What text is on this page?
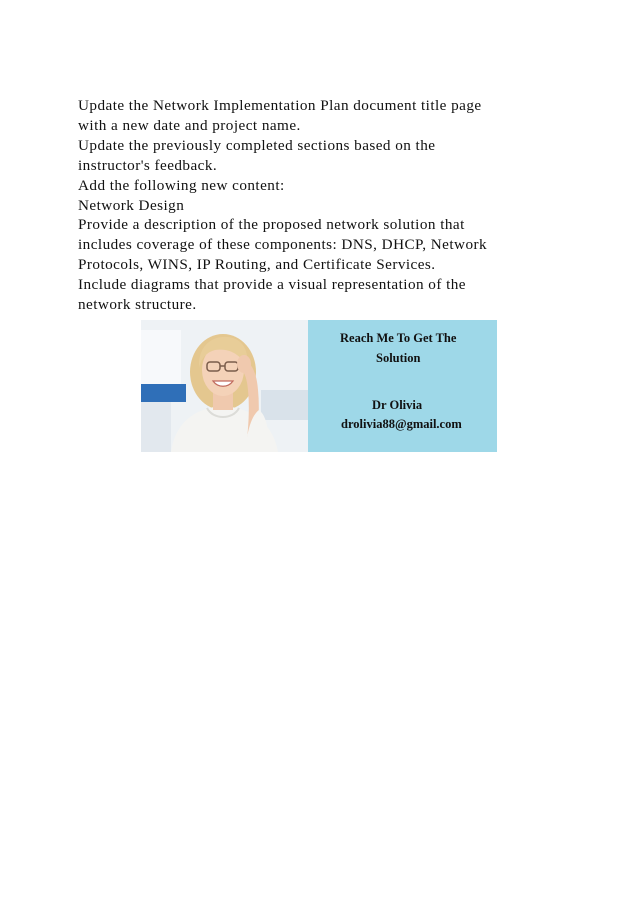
Update the Network Implementation Plan document title page
with a new date and project name.
Update the previously completed sections based on the
instructor's feedback.
Add the following new content:
Network Design
Provide a description of the proposed network solution that
includes coverage of these components: DNS, DHCP, Network
Protocols, WINS, IP Routing, and Certificate Services.
Include diagrams that provide a visual representation of the
network structure.
Reach Me To Get The
Solution
Dr Olivia
drolivia88@gmail.com
